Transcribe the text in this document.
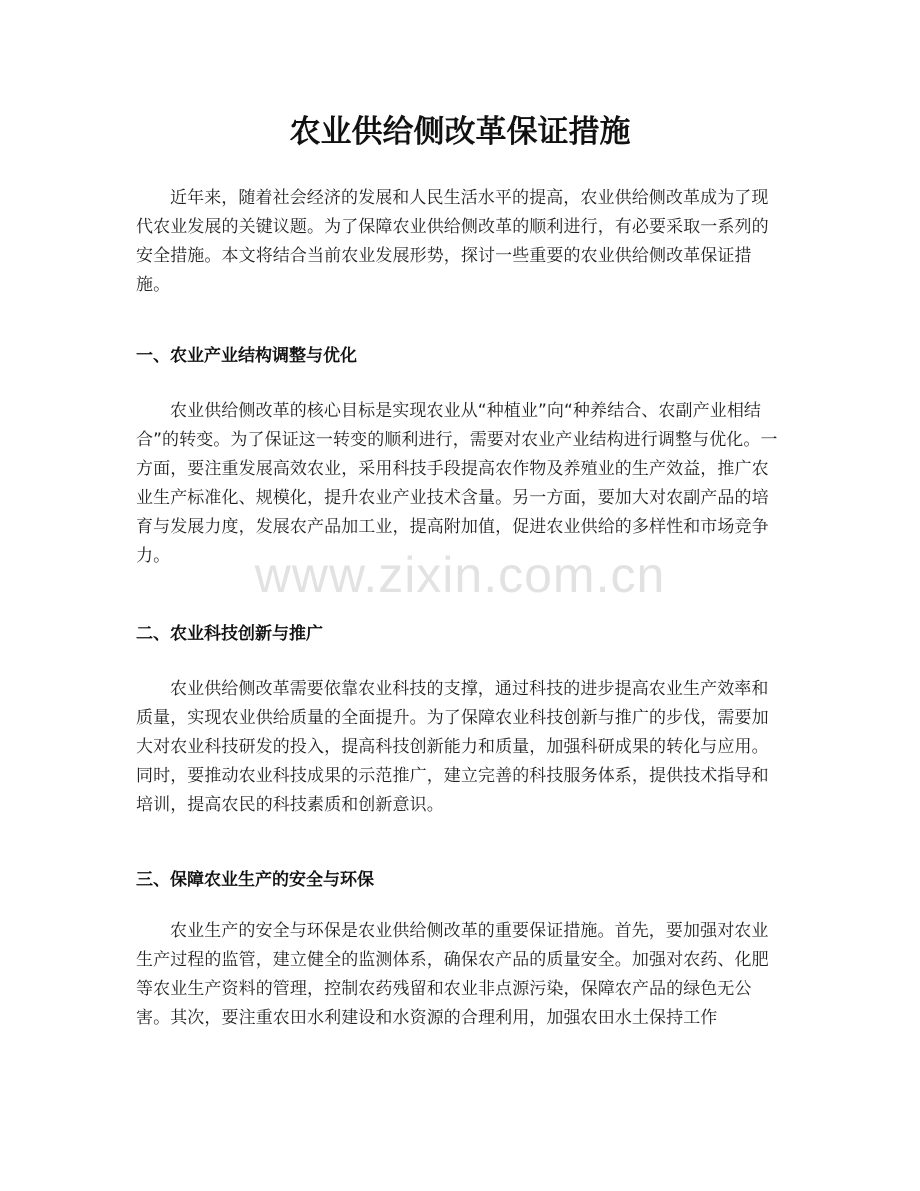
农业供给侧改革保证措施

近年来，随着社会经济的发展和人民生活水平的提高，农业供给侧改革成为了现代农业发展的关键议题。为了保障农业供给侧改革的顺利进行，有必要采取一系列的安全措施。本文将结合当前农业发展形势，探讨一些重要的农业供给侧改革保证措施。

一、农业产业结构调整与优化

农业供给侧改革的核心目标是实现农业从“种植业”向“种养结合、农副产业相结合”的转变。为了保证这一转变的顺利进行，需要对农业产业结构进行调整与优化。一方面，要注重发展高效农业，采用科技手段提高农作物及养殖业的生产效益，推广农业生产标准化、规模化，提升农业产业技术含量。另一方面，要加大对农副产品的培育与发展力度，发展农产品加工业，提高附加值，促进农业供给的多样性和市场竞争力。

二、农业科技创新与推广

农业供给侧改革需要依靠农业科技的支撑，通过科技的进步提高农业生产效率和质量，实现农业供给质量的全面提升。为了保障农业科技创新与推广的步伐，需要加大对农业科技研发的投入，提高科技创新能力和质量，加强科研成果的转化与应用。同时，要推动农业科技成果的示范推广，建立完善的科技服务体系，提供技术指导和培训，提高农民的科技素质和创新意识。

三、保障农业生产的安全与环保

农业生产的安全与环保是农业供给侧改革的重要保证措施。首先，要加强对农业生产过程的监管，建立健全的监测体系，确保农产品的质量安全。加强对农药、化肥等农业生产资料的管理，控制农药残留和农业非点源污染，保障农产品的绿色无公害。其次，要注重农田水利建设和水资源的合理利用，加强农田水土保持工作

www.zixin.com.cn
